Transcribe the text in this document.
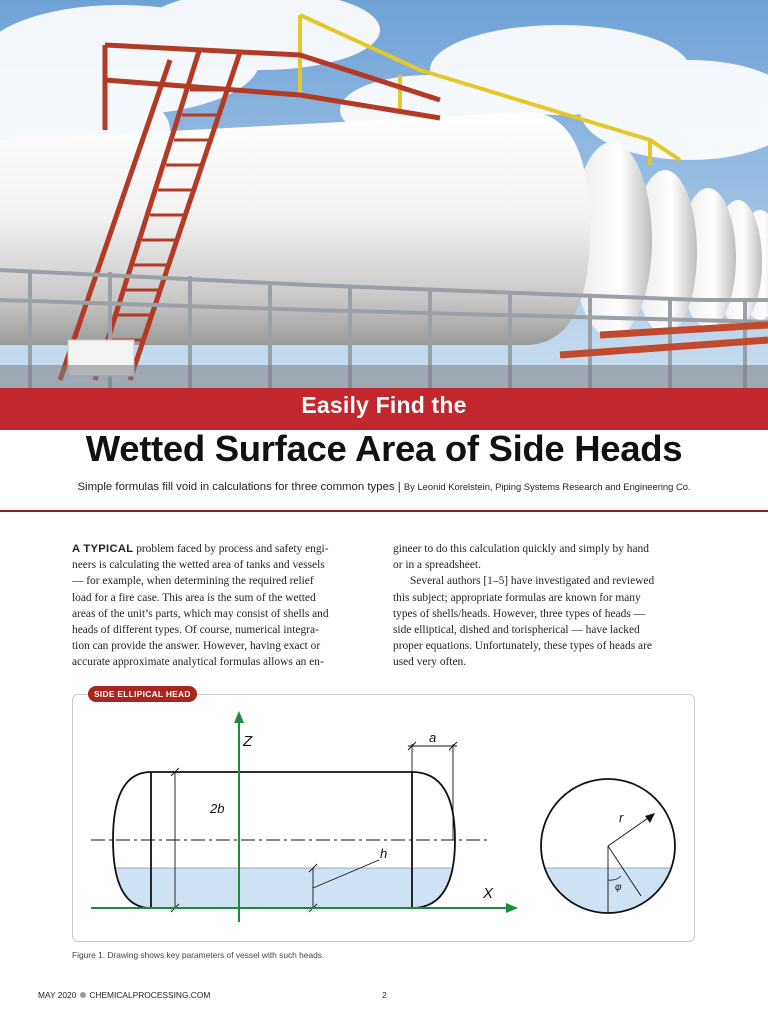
Easily Find the
Wetted Surface Area of Side Heads
Simple formulas fill void in calculations for three common types | By Leonid Korelstein, Piping Systems Research and Engineering Co.

A TYPICAL problem faced by process and safety engi-
neers is calculating the wetted area of tanks and vessels
— for example, when determining the required relief
load for a fire case. This area is the sum of the wetted
areas of the unit’s parts, which may consist of shells and
heads of different types. Of course, numerical integra-
tion can provide the answer. However, having exact or
accurate approximate analytical formulas allows an en-

gineer to do this calculation quickly and simply by hand
or in a spreadsheet.

Several authors [1–5] have investigated and reviewed
this subject; appropriate formulas are known for many
types of shells/heads. However, three types of heads —
side elliptical, dished and torispherical — have lacked
proper equations. Unfortunately, these types of heads are
used very often.

SIDE ELLIPICAL HEAD
2b
a
h
Z
X
r
φ
Figure 1. Drawing shows key parameters of vessel with such heads.
MAY 2020 CHEMICALPROCESSING.COM	2
